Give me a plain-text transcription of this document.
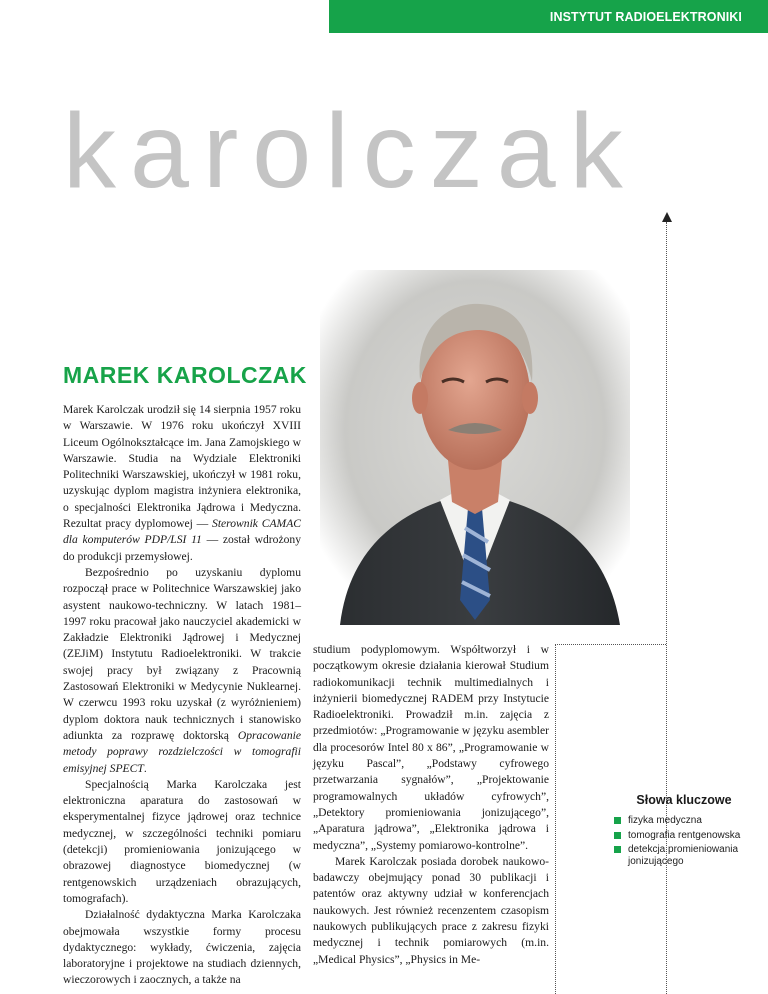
INSTYTUT RADIOELEKTRONIKI
karolczak
MAREK KAROLCZAK

Marek Karolczak urodził się 14 sierpnia 1957 roku w Warszawie. W 1976 roku ukończył XVIII Liceum Ogólnokształcące im. Jana Zamojskiego w Warszawie. Studia na Wydziale Elektroniki Politechniki Warszawskiej, ukończył w 1981 roku, uzyskując dyplom magistra inżyniera elektronika, o specjalności Elektronika Jądrowa i Medyczna. Rezultat pracy dyplomowej — Sterownik CAMAC dla komputerów PDP/LSI 11 — został wdrożony do produkcji przemysłowej.

Bezpośrednio po uzyskaniu dyplomu rozpoczął prace w Politechnice Warszawskiej jako asystent naukowo-techniczny. W latach 1981–1997 roku pracował jako nauczyciel akademicki w Zakładzie Elektroniki Jądrowej i Medycznej (ZEJiM) Instytutu Radioelektroniki. W trakcie swojej pracy był związany z Pracownią Zastosowań Elektroniki w Medycynie Nuklearnej. W czerwcu 1993 roku uzyskał (z wyróżnieniem) dyplom doktora nauk technicznych i stanowisko adiunkta za rozprawę doktorską Opracowanie metody poprawy rozdzielczości w tomografii emisyjnej SPECT.

Specjalnością Marka Karolczaka jest elektroniczna aparatura do zastosowań w eksperymentalnej fizyce jądrowej oraz technice medycznej, w szczególności techniki pomiaru (detekcji) promieniowania jonizującego w obrazowej diagnostyce biomedycznej (w rentgenowskich urządzeniach obrazujących, tomografach).

Działalność dydaktyczna Marka Karolczaka obejmowała wszystkie formy procesu dydaktycznego: wykłady, ćwiczenia, zajęcia laboratoryjne i projektowe na studiach dziennych, wieczorowych i zaocznych, a także na

studium podyplomowym. Współtworzył i w początkowym okresie działania kierował Studium radiokomunikacji technik multimedialnych i inżynierii biomedycznej RADEM przy Instytucie Radioelektroniki. Prowadził m.in. zajęcia z przedmiotów: „Programowanie w języku asembler dla procesorów Intel 80 x 86”, „Programowanie w języku Pascal”, „Podstawy cyfrowego przetwarzania sygnałów”, „Projektowanie programowalnych układów cyfrowych”, „Detektory promieniowania jonizującego”, „Aparatura jądrowa”, „Elektronika jądrowa i medyczna”, „Systemy pomiarowo-kontrolne”.

Marek Karolczak posiada dorobek naukowo-badawczy obejmujący ponad 30 publikacji i patentów oraz aktywny udział w konferencjach naukowych. Jest również recenzentem czasopism naukowych publikujących prace z zakresu fizyki medycznej i technik pomiarowych (m.in. „Medical Physics”, „Physics in Me-

Słowa kluczowe
fizyka medyczna
tomografia rentgenowska
detekcja promieniowania jonizującego
